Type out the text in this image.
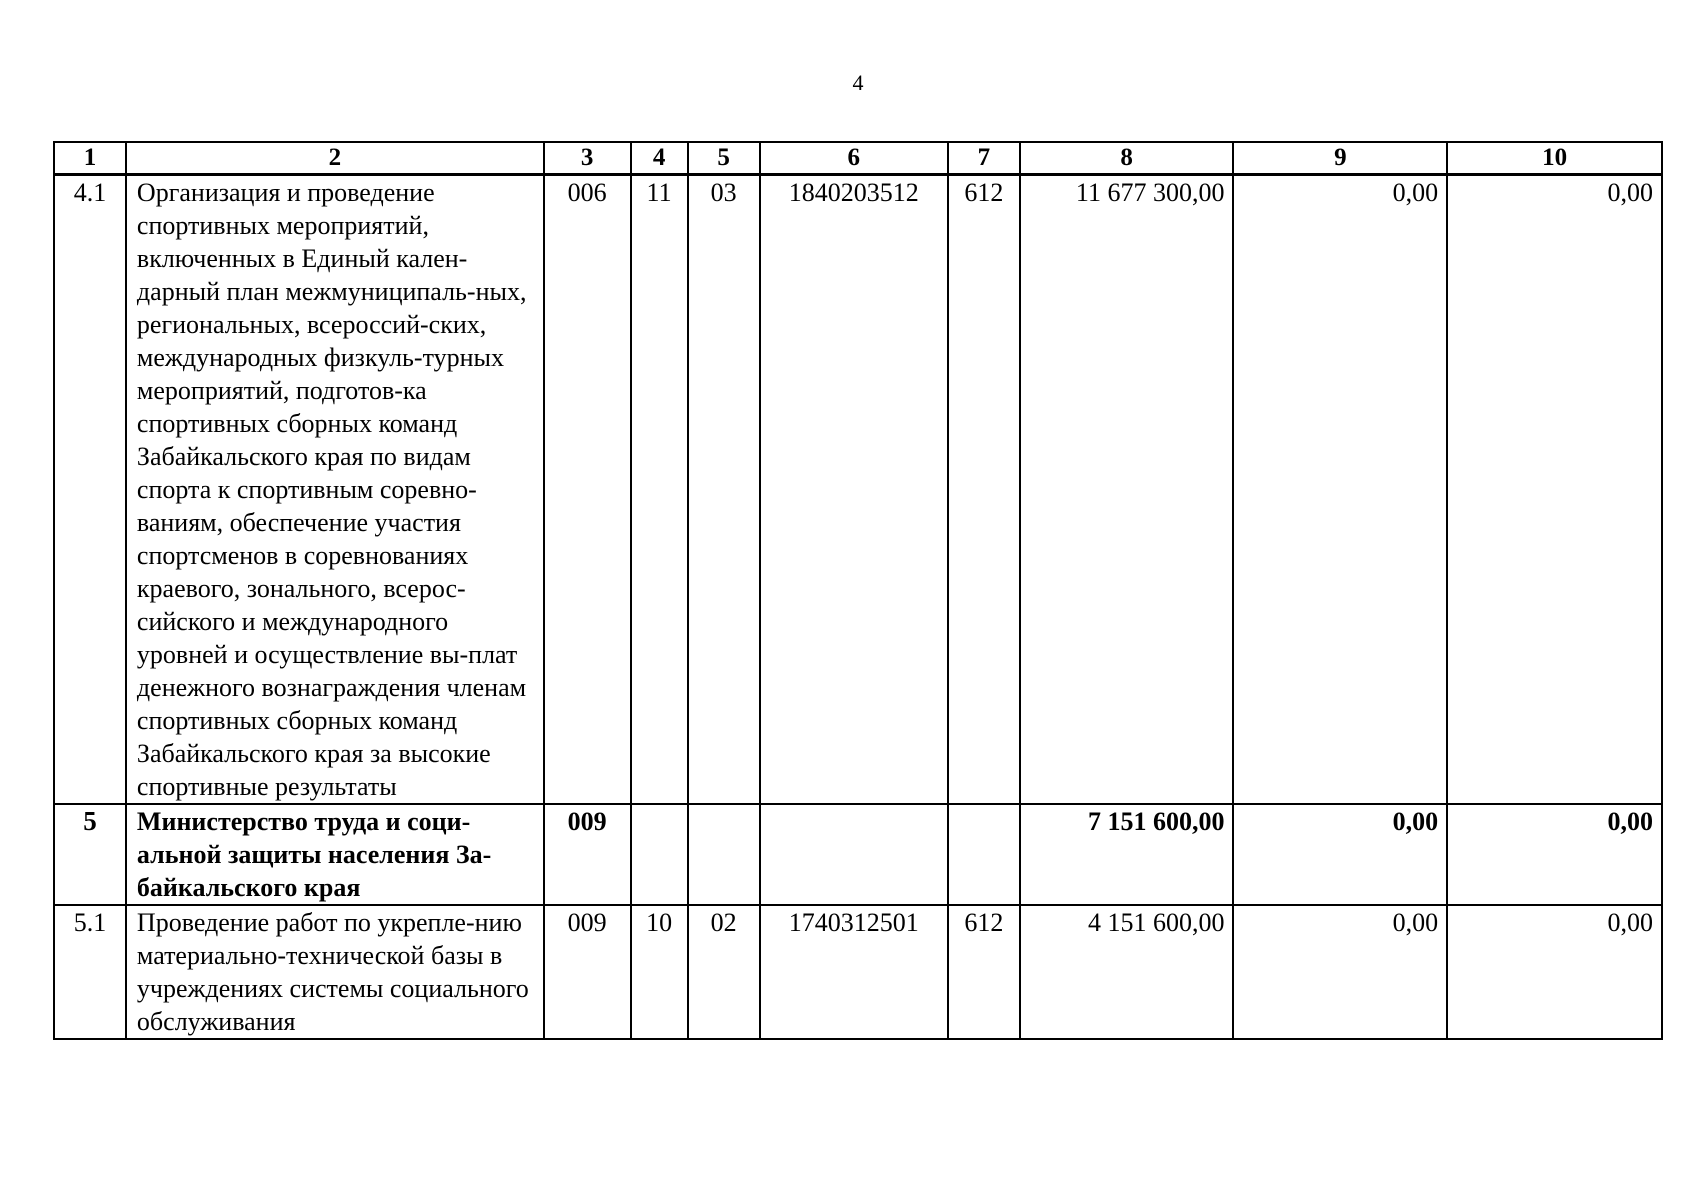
4
1	2	3	4	5	6	7	8	9	10
4.1	Организация и проведение спортивных мероприятий, включенных в Единый кален-дарный план межмуниципаль-ных, региональных, всероссий-ских, международных физкуль-турных мероприятий, подготов-ка спортивных сборных команд Забайкальского края по видам спорта к спортивным соревно-ваниям, обеспечение участия спортсменов в соревнованиях краевого, зонального, всерос-сийского и международного уровней и осуществление вы-плат денежного вознаграждения членам спортивных сборных команд Забайкальского края за высокие спортивные результаты	006	11	03	1840203512	612	11 677 300,00	0,00	0,00
5	Министерство труда и соци-альной защиты населения За-байкальского края	009					7 151 600,00	0,00	0,00
5.1	Проведение работ по укрепле-нию материально-технической базы в учреждениях системы социального обслуживания	009	10	02	1740312501	612	4 151 600,00	0,00	0,00
